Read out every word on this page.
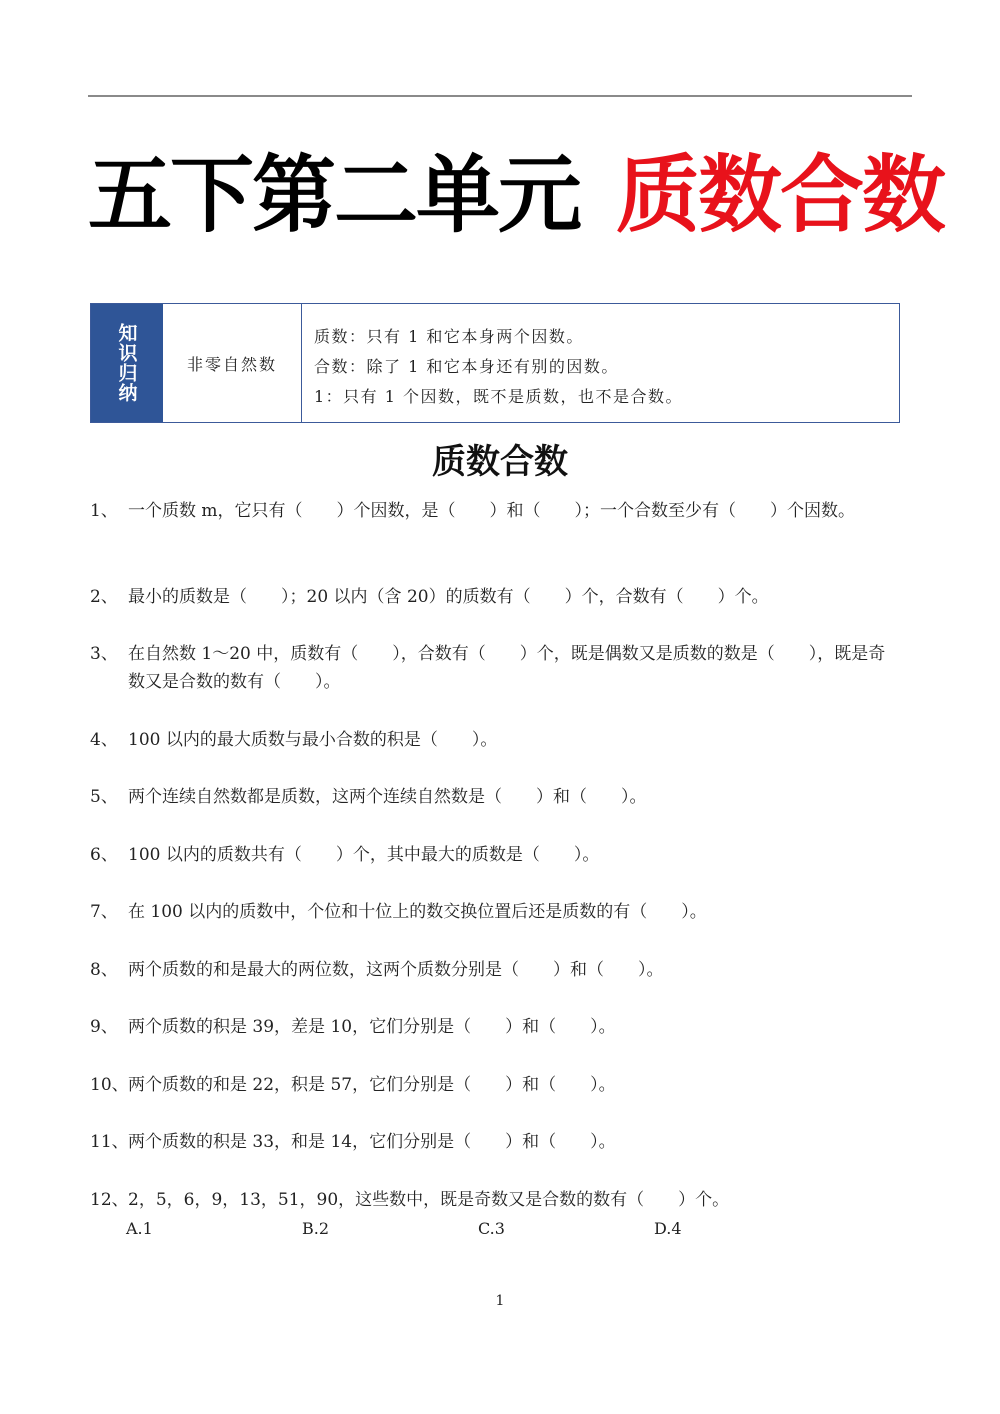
五下第二单元 质数合数
知识归纳	非零自然数
质数：只有 1 和它本身两个因数。
合数：除了 1 和它本身还有别的因数。
1：只有 1 个因数，既不是质数，也不是合数。
质数合数
1、 一个质数 m，它只有（　　）个因数，是（　　）和（　　）；一个合数至少有（　　）个因数。
2、 最小的质数是（　　）；20 以内（含 20）的质数有（　　）个，合数有（　　）个。
3、 在自然数 1～20 中，质数有（　　），合数有（　　）个，既是偶数又是质数的数是（　　），既是奇数又是合数的数有（　　）。
4、 100 以内的最大质数与最小合数的积是（　　）。
5、 两个连续自然数都是质数，这两个连续自然数是（　　）和（　　）。
6、 100 以内的质数共有（　　）个，其中最大的质数是（　　）。
7、 在 100 以内的质数中，个位和十位上的数交换位置后还是质数的有（　　）。
8、 两个质数的和是最大的两位数，这两个质数分别是（　　）和（　　）。
9、 两个质数的积是 39，差是 10，它们分别是（　　）和（　　）。
10、 两个质数的和是 22，积是 57，它们分别是（　　）和（　　）。
11、 两个质数的积是 33，和是 14，它们分别是（　　）和（　　）。
12、 2，5，6，9，13，51，90，这些数中，既是奇数又是合数的数有（　　）个。
A.1	B.2	C.3	D.4
1
